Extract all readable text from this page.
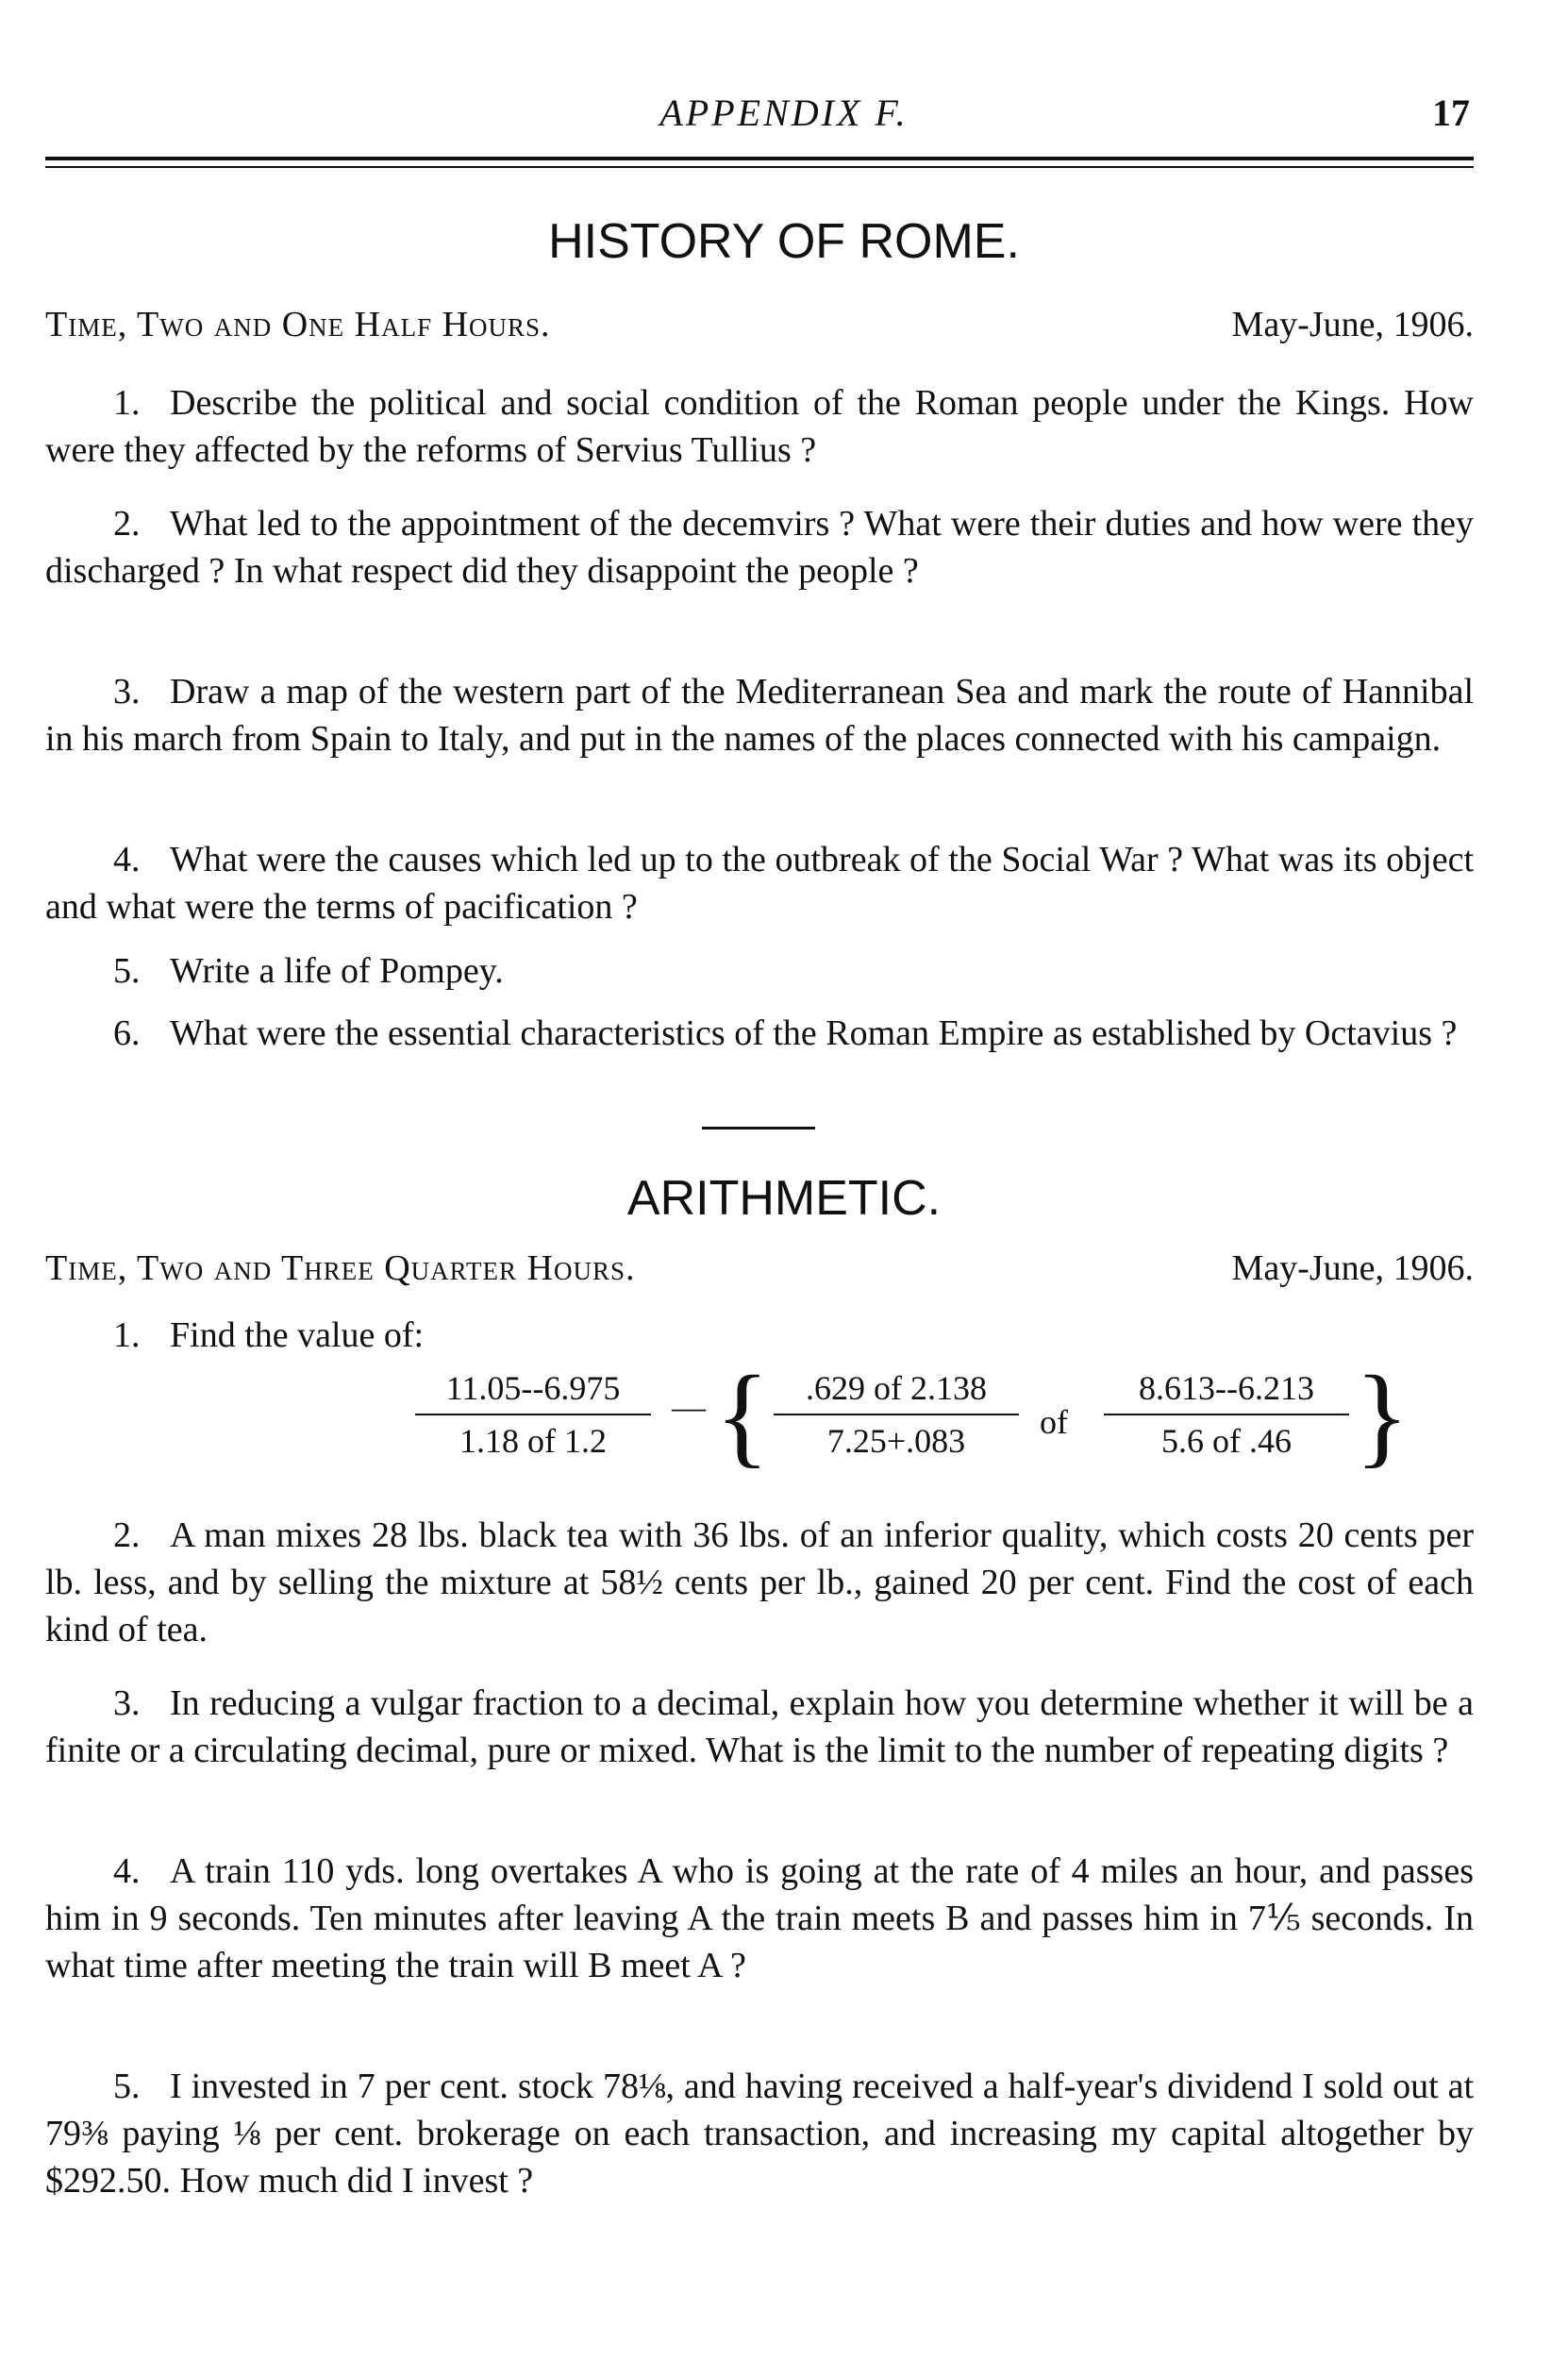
APPENDIX F.	17
HISTORY OF ROME.
Time, Two and One Half Hours.	May-June, 1906.

1. Describe the political and social condition of the Roman people under the Kings. How were they affected by the reforms of Servius Tullius ?

2. What led to the appointment of the decemvirs ? What were their duties and how were they discharged ? In what respect did they disappoint the people ?

3. Draw a map of the western part of the Mediterranean Sea and mark the route of Hannibal in his march from Spain to Italy, and put in the names of the places connected with his campaign.

4. What were the causes which led up to the outbreak of the Social War ? What was its object and what were the terms of pacification ?

5. Write a life of Pompey.

6. What were the essential characteristics of the Roman Empire as established by Octavius ?

ARITHMETIC.
Time, Two and Three Quarter Hours.	May-June, 1906.

1. Find the value of:

$\frac{11.05--6.975}{1.18 of 1.2}$ — { $\frac{.629 of 2.138}{7.25+.083}$ of $\frac{8.613--6.213}{5.6 of .46}$ }

2. A man mixes 28 lbs. black tea with 36 lbs. of an inferior quality, which costs 20 cents per lb. less, and by selling the mixture at 58½ cents per lb., gained 20 per cent. Find the cost of each kind of tea.

3. In reducing a vulgar fraction to a decimal, explain how you determine whether it will be a finite or a circulating decimal, pure or mixed. What is the limit to the number of repeating digits ?

4. A train 110 yds. long overtakes A who is going at the rate of 4 miles an hour, and passes him in 9 seconds. Ten minutes after leaving A the train meets B and passes him in 7⅕ seconds. In what time after meeting the train will B meet A ?

5. I invested in 7 per cent. stock 78⅛, and having received a half-year's dividend I sold out at 79⅜ paying ⅛ per cent. brokerage on each transaction, and increasing my capital altogether by $292.50. How much did I invest ?
